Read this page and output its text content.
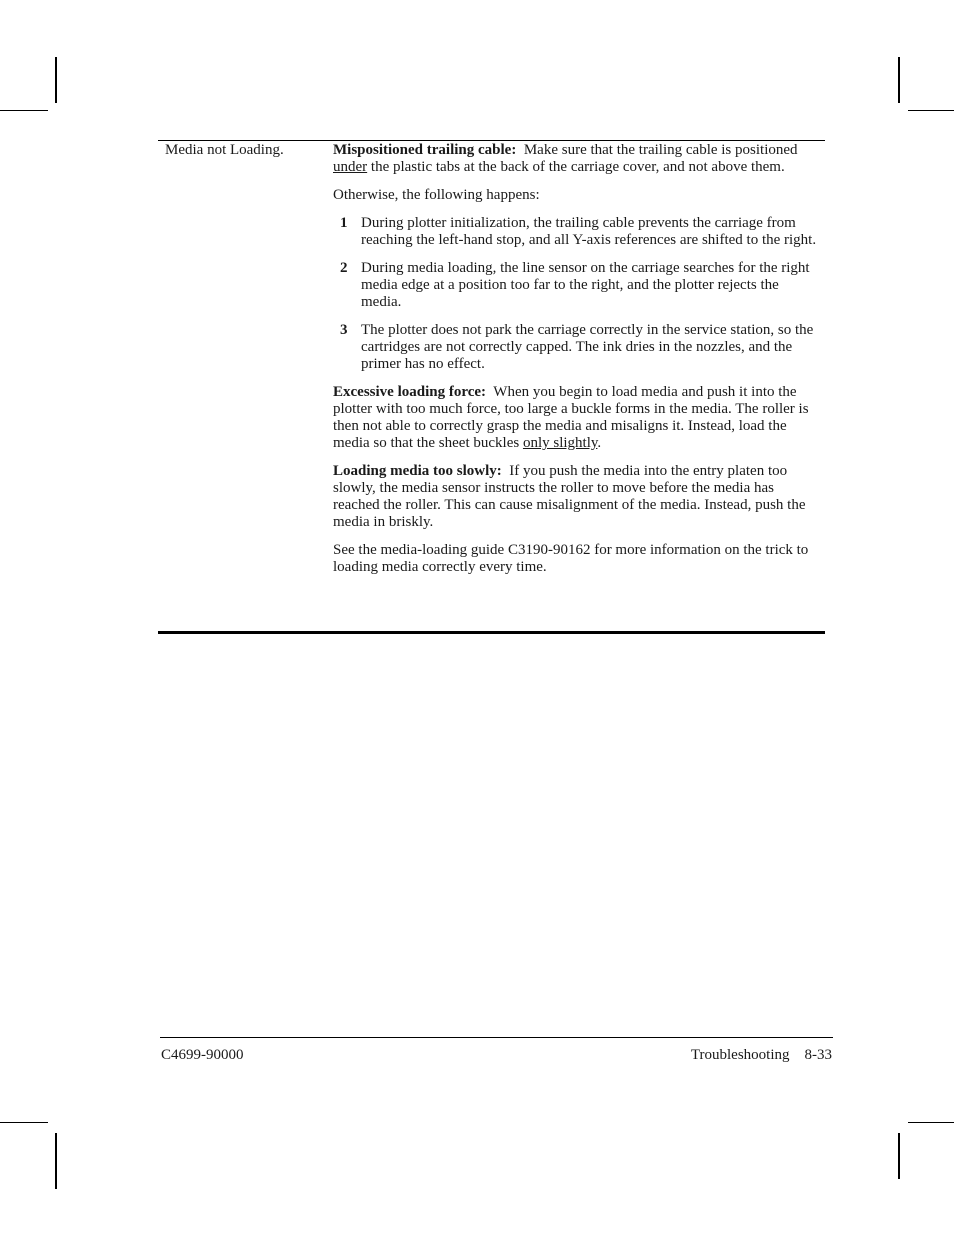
Media not Loading.	Mispositioned trailing cable: Make sure that the trailing cable is positioned under the plastic tabs at the back of the carriage cover, and not above them.

Otherwise, the following happens:

1 During plotter initialization, the trailing cable prevents the carriage from reaching the left-hand stop, and all Y-axis references are shifted to the right.
2 During media loading, the line sensor on the carriage searches for the right media edge at a position too far to the right, and the plotter rejects the media.
3 The plotter does not park the carriage correctly in the service station, so the cartridges are not correctly capped. The ink dries in the nozzles, and the primer has no effect.

Excessive loading force: When you begin to load media and push it into the plotter with too much force, too large a buckle forms in the media. The roller is then not able to correctly grasp the media and misaligns it. Instead, load the media so that the sheet buckles only slightly.

Loading media too slowly: If you push the media into the entry platen too slowly, the media sensor instructs the roller to move before the media has reached the roller. This can cause misalignment of the media. Instead, push the media in briskly.

See the media-loading guide C3190-90162 for more information on the trick to loading media correctly every time.

C4699-90000	Troubleshooting 8-33
